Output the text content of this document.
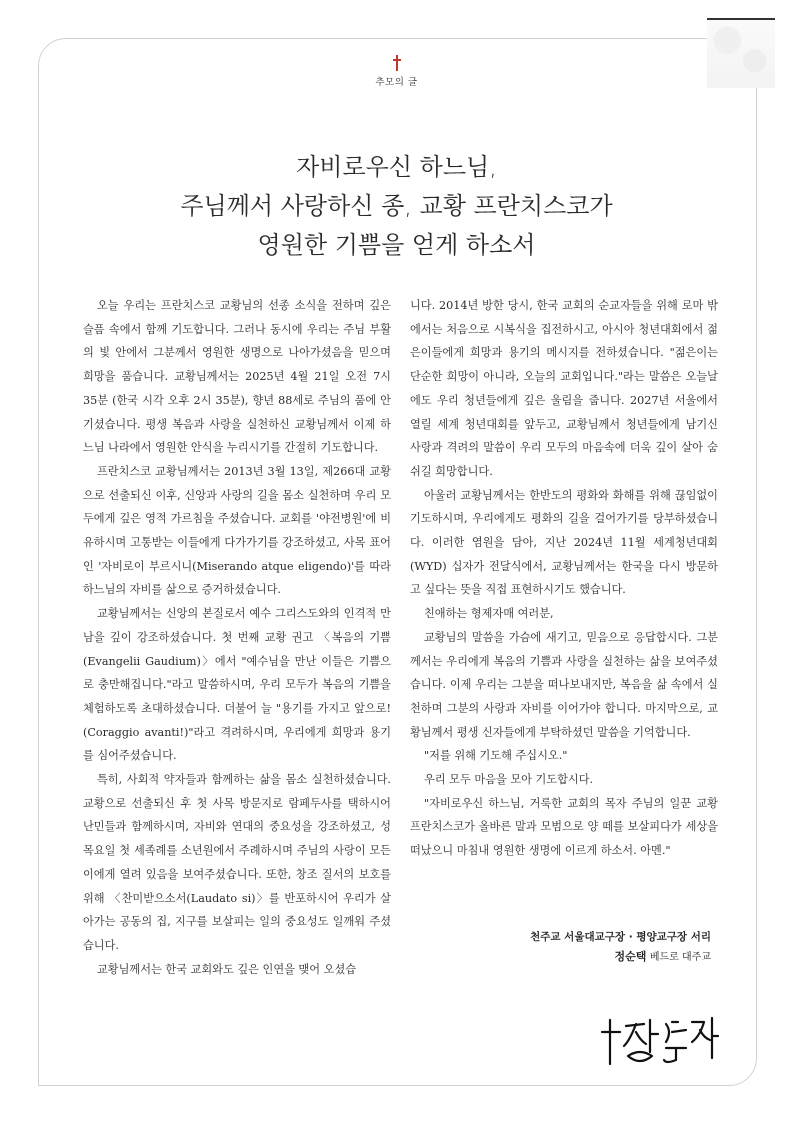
추모의 글
자비로우신 하느님,
주님께서 사랑하신 종, 교황 프란치스코가
영원한 기쁨을 얻게 하소서

오늘 우리는 프란치스코 교황님의 선종 소식을 전하며 깊은 슬픔 속에서 함께 기도합니다. 그러나 동시에 우리는 주님 부활의 빛 안에서 그분께서 영원한 생명으로 나아가셨음을 믿으며 희망을 품습니다. 교황님께서는 2025년 4월 21일 오전 7시 35분 (한국 시각 오후 2시 35분), 향년 88세로 주님의 품에 안기셨습니다. 평생 복음과 사랑을 실천하신 교황님께서 이제 하느님 나라에서 영원한 안식을 누리시기를 간절히 기도합니다.

프란치스코 교황님께서는 2013년 3월 13일, 제266대 교황으로 선출되신 이후, 신앙과 사랑의 길을 몸소 실천하며 우리 모두에게 깊은 영적 가르침을 주셨습니다. 교회를 '야전병원'에 비유하시며 고통받는 이들에게 다가가기를 강조하셨고, 사목 표어인 '자비로이 부르시니(Miserando atque eligendo)'를 따라 하느님의 자비를 삶으로 증거하셨습니다.

교황님께서는 신앙의 본질로서 예수 그리스도와의 인격적 만남을 깊이 강조하셨습니다. 첫 번째 교황 권고 〈복음의 기쁨(Evangelii Gaudium)〉에서 "예수님을 만난 이들은 기쁨으로 충만해집니다."라고 말씀하시며, 우리 모두가 복음의 기쁨을 체험하도록 초대하셨습니다. 더불어 늘 "용기를 가지고 앞으로!(Coraggio avanti!)"라고 격려하시며, 우리에게 희망과 용기를 심어주셨습니다.

특히, 사회적 약자들과 함께하는 삶을 몸소 실천하셨습니다. 교황으로 선출되신 후 첫 사목 방문지로 람페두사를 택하시어 난민들과 함께하시며, 자비와 연대의 중요성을 강조하셨고, 성 목요일 첫 세족례를 소년원에서 주례하시며 주님의 사랑이 모든 이에게 열려 있음을 보여주셨습니다. 또한, 창조 질서의 보호를 위해 〈찬미받으소서(Laudato si)〉를 반포하시어 우리가 살아가는 공동의 집, 지구를 보살피는 일의 중요성도 일깨워 주셨습니다.

교황님께서는 한국 교회와도 깊은 인연을 맺어 오셨습

니다. 2014년 방한 당시, 한국 교회의 순교자들을 위해 로마 밖에서는 처음으로 시복식을 집전하시고, 아시아 청년대회에서 젊은이들에게 희망과 용기의 메시지를 전하셨습니다. "젊은이는 단순한 희망이 아니라, 오늘의 교회입니다."라는 말씀은 오늘날에도 우리 청년들에게 깊은 울림을 줍니다. 2027년 서울에서 열릴 세계 청년대회를 앞두고, 교황님께서 청년들에게 남기신 사랑과 격려의 말씀이 우리 모두의 마음속에 더욱 깊이 살아 숨 쉬길 희망합니다.

아울러 교황님께서는 한반도의 평화와 화해를 위해 끊임없이 기도하시며, 우리에게도 평화의 길을 걸어가기를 당부하셨습니다. 이러한 염원을 담아, 지난 2024년 11월 세계청년대회(WYD) 십자가 전달식에서, 교황님께서는 한국을 다시 방문하고 싶다는 뜻을 직접 표현하시기도 했습니다.

친애하는 형제자매 여러분,

교황님의 말씀을 가슴에 새기고, 믿음으로 응답합시다. 그분께서는 우리에게 복음의 기쁨과 사랑을 실천하는 삶을 보여주셨습니다. 이제 우리는 그분을 떠나보내지만, 복음을 삶 속에서 실천하며 그분의 사랑과 자비를 이어가야 합니다. 마지막으로, 교황님께서 평생 신자들에게 부탁하셨던 말씀을 기억합니다.

"저를 위해 기도해 주십시오."

우리 모두 마음을 모아 기도합시다.

"자비로우신 하느님, 거룩한 교회의 목자 주님의 일꾼 교황 프란치스코가 올바른 말과 모범으로 양 떼를 보살피다가 세상을 떠났으니 마침내 영원한 생명에 이르게 하소서. 아멘."

천주교 서울대교구장 · 평양교구장 서리
정순택 베드로 대주교
